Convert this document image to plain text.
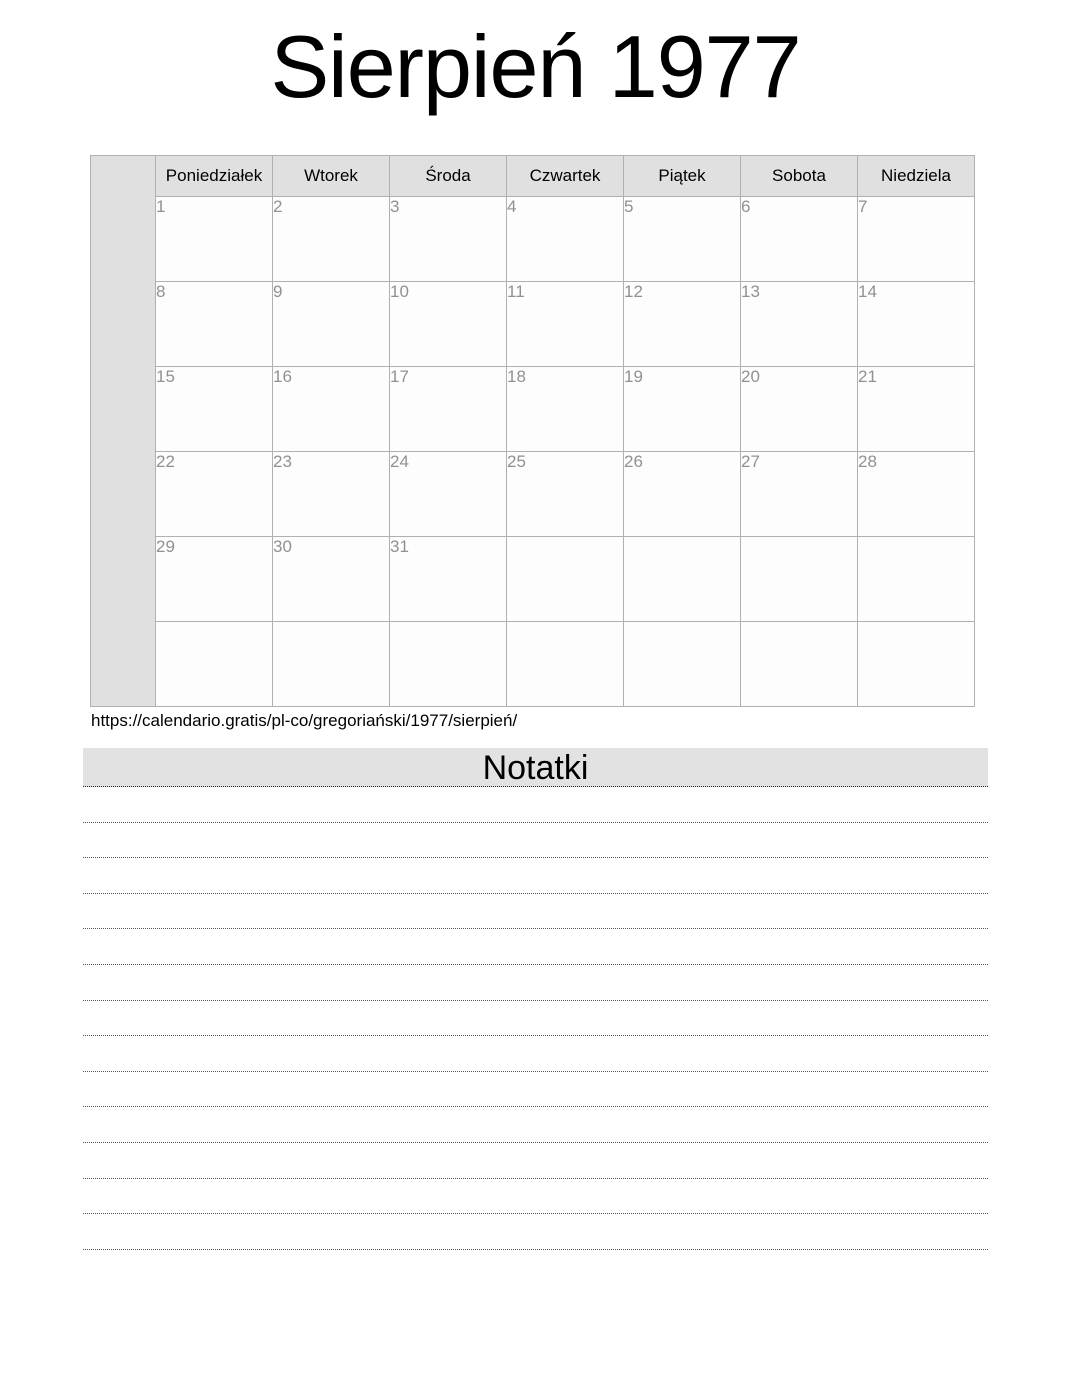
Sierpień 1977
	Poniedziałek	Wtorek	Środa	Czwartek	Piątek	Sobota	Niedziela
	1	2	3	4	5	6	7
	8	9	10	11	12	13	14
	15	16	17	18	19	20	21
	22	23	24	25	26	27	28
	29	30	31				

https://calendario.gratis/pl-co/gregoriański/1977/sierpień/
Notatki
